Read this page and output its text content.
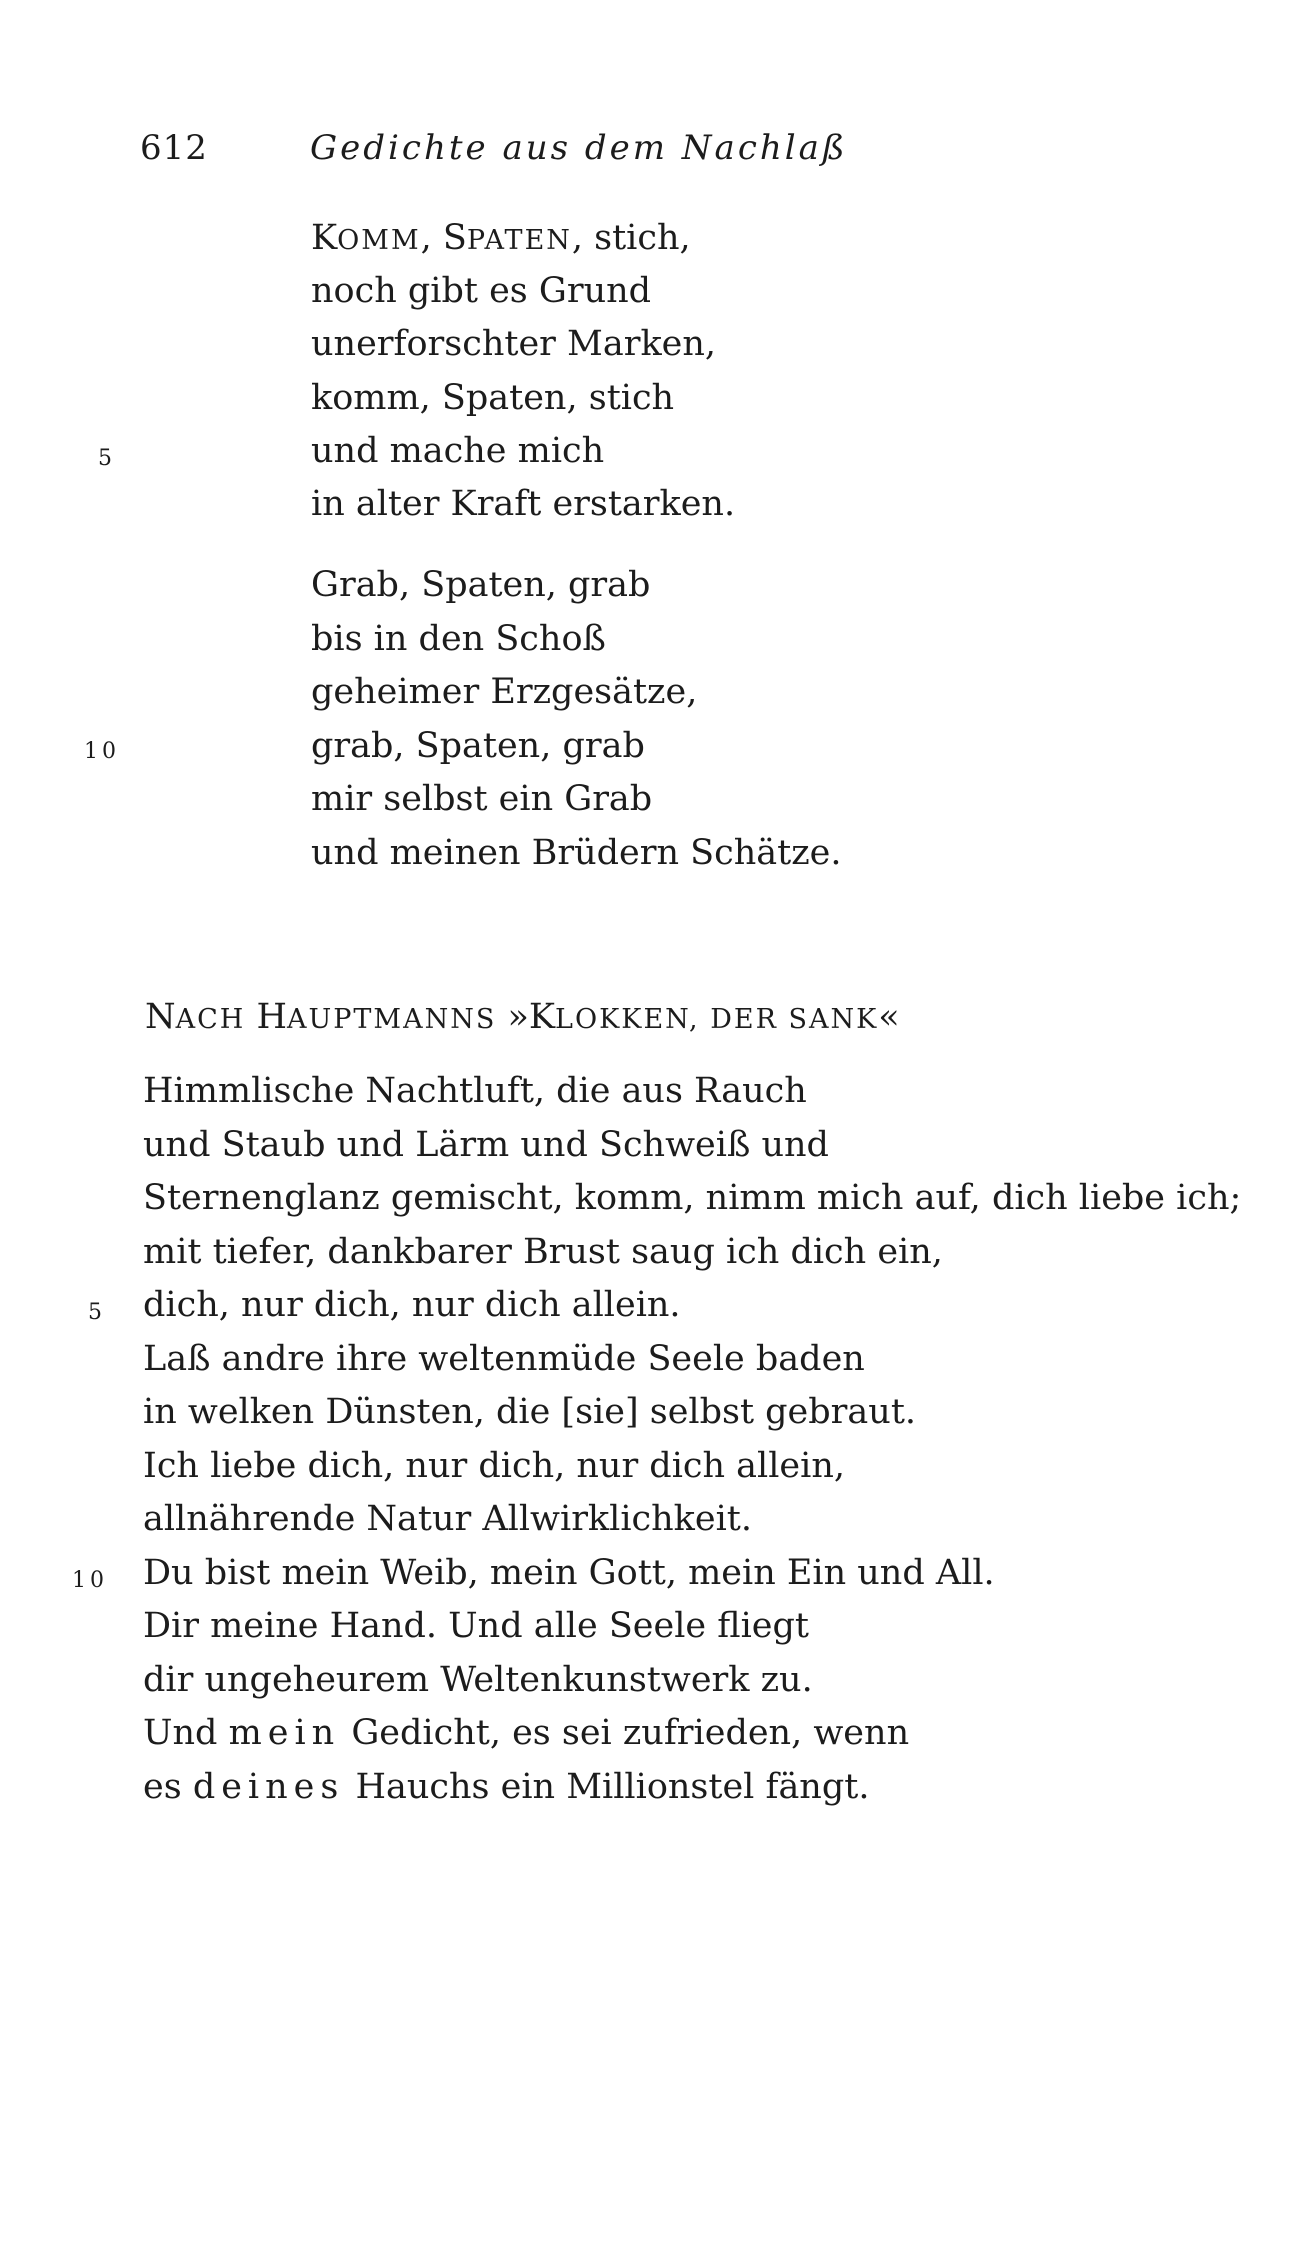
612	Gedichte aus dem Nachlaß
KOMM, SPATEN, stich,
noch gibt es Grund
unerforschter Marken,
komm, Spaten, stich
und mache mich
in alter Kraft erstarken.
Grab, Spaten, grab
bis in den Schoß
geheimer Erzgesätze,
grab, Spaten, grab
mir selbst ein Grab
und meinen Brüdern Schätze.
5
10
NACH HAUPTMANNS »KLOKKEN, DER SANK«
Himmlische Nachtluft, die aus Rauch
und Staub und Lärm und Schweiß und
Sternenglanz gemischt, komm, nimm mich auf, dich liebe ich;
mit tiefer, dankbarer Brust saug ich dich ein,
dich, nur dich, nur dich allein.
Laß andre ihre weltenmüde Seele baden
in welken Dünsten, die [sie] selbst gebraut.
Ich liebe dich, nur dich, nur dich allein,
allnährende Natur Allwirklichkeit.
Du bist mein Weib, mein Gott, mein Ein und All.
Dir meine Hand. Und alle Seele fliegt
dir ungeheurem Weltenkunstwerk zu.
Und mein Gedicht, es sei zufrieden, wenn
es deines Hauchs ein Millionstel fängt.
5
10
